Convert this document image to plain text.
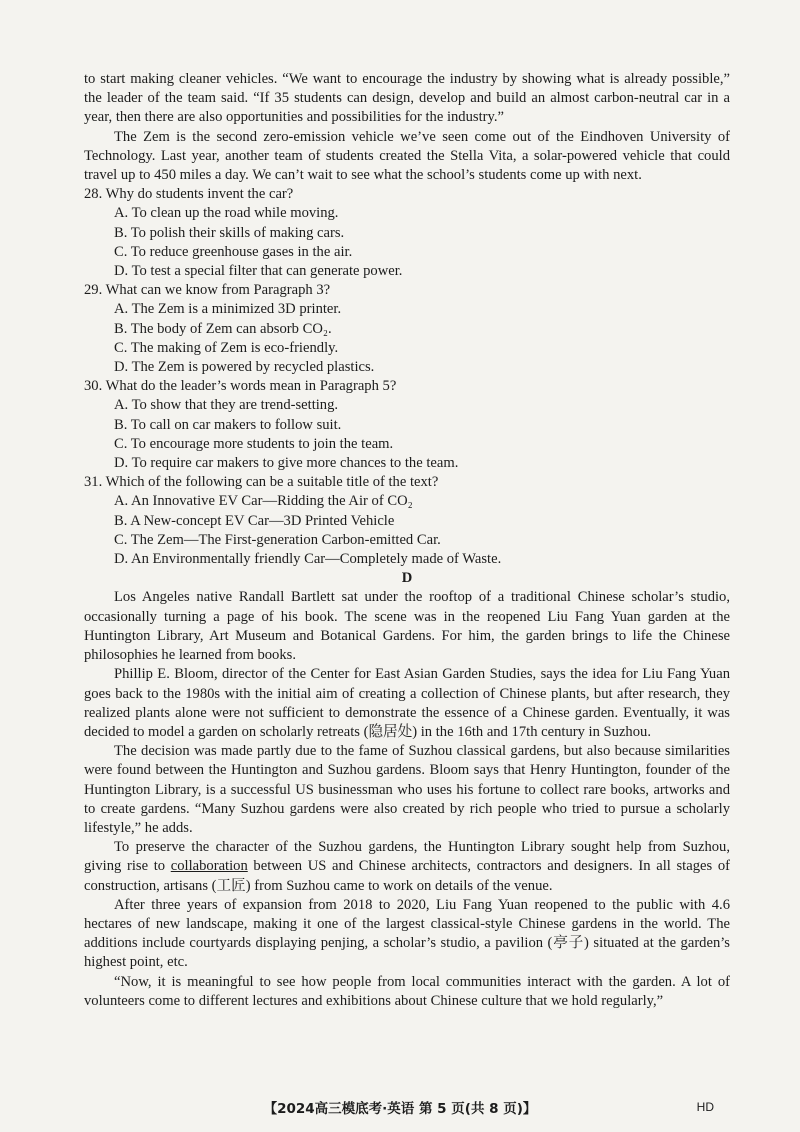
to start making cleaner vehicles. “We want to encourage the industry by showing what is already possible,” the leader of the team said. “If 35 students can design, develop and build an almost carbon-neutral car in a year, then there are also opportunities and possibilities for the industry.”

The Zem is the second zero-emission vehicle we’ve seen come out of the Eindhoven University of Technology. Last year, another team of students created the Stella Vita, a solar-powered vehicle that could travel up to 450 miles a day. We can’t wait to see what the school’s students come up with next.

28. Why do students invent the car?

A. To clean up the road while moving.

B. To polish their skills of making cars.

C. To reduce greenhouse gases in the air.

D. To test a special filter that can generate power.

29. What can we know from Paragraph 3?

A. The Zem is a minimized 3D printer.

B. The body of Zem can absorb CO₂.

C. The making of Zem is eco-friendly.

D. The Zem is powered by recycled plastics.

30. What do the leader’s words mean in Paragraph 5?

A. To show that they are trend-setting.

B. To call on car makers to follow suit.

C. To encourage more students to join the team.

D. To require car makers to give more chances to the team.

31. Which of the following can be a suitable title of the text?

A. An Innovative EV Car—Ridding the Air of CO₂

B. A New-concept EV Car—3D Printed Vehicle

C. The Zem—The First-generation Carbon-emitted Car.

D. An Environmentally friendly Car—Completely made of Waste.

D

Los Angeles native Randall Bartlett sat under the rooftop of a traditional Chinese scholar’s studio, occasionally turning a page of his book. The scene was in the reopened Liu Fang Yuan garden at the Huntington Library, Art Museum and Botanical Gardens. For him, the garden brings to life the Chinese philosophies he learned from books.

Phillip E. Bloom, director of the Center for East Asian Garden Studies, says the idea for Liu Fang Yuan goes back to the 1980s with the initial aim of creating a collection of Chinese plants, but after research, they realized plants alone were not sufficient to demonstrate the essence of a Chinese garden. Eventually, it was decided to model a garden on scholarly retreats (隐居处) in the 16th and 17th century in Suzhou.

The decision was made partly due to the fame of Suzhou classical gardens, but also because similarities were found between the Huntington and Suzhou gardens. Bloom says that Henry Huntington, founder of the Huntington Library, is a successful US businessman who uses his fortune to collect rare books, artworks and to create gardens. “Many Suzhou gardens were also created by rich people who tried to pursue a scholarly lifestyle,” he adds.

To preserve the character of the Suzhou gardens, the Huntington Library sought help from Suzhou, giving rise to collaboration between US and Chinese architects, contractors and designers. In all stages of construction, artisans (工匠) from Suzhou came to work on details of the venue.

After three years of expansion from 2018 to 2020, Liu Fang Yuan reopened to the public with 4.6 hectares of new landscape, making it one of the largest classical-style Chinese gardens in the world. The additions include courtyards displaying penjing, a scholar’s studio, a pavilion (亭子) situated at the garden’s highest point, etc.

“Now, it is meaningful to see how people from local communities interact with the garden. A lot of volunteers come to different lectures and exhibitions about Chinese culture that we hold regularly,”

【2024高三模底考·英语 第 5 页(共 8 页)】	HD
